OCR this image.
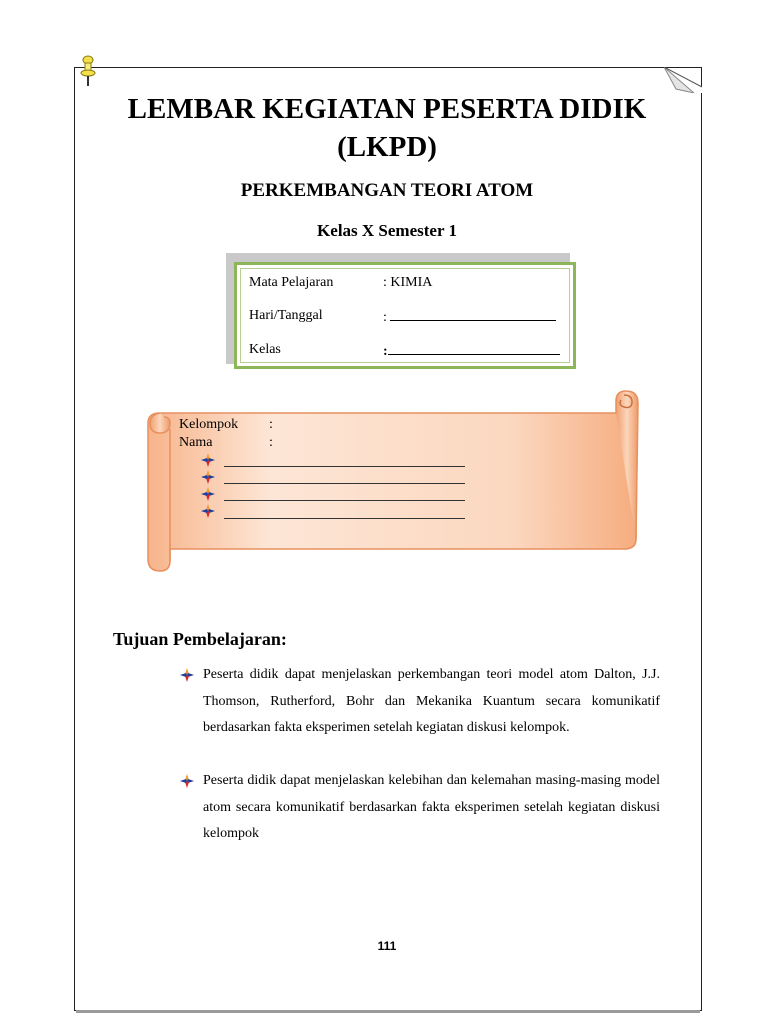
LEMBAR KEGIATAN PESERTA DIDIK
(LKPD)
PERKEMBANGAN TEORI ATOM
Kelas X Semester 1
Mata Pelajaran	: KIMIA
Hari/Tanggal	:
Kelas	:
Kelompok :
Nama	:
Tujuan Pembelajaran:
Peserta didik dapat menjelaskan perkembangan teori model atom Dalton, J.J. Thomson, Rutherford, Bohr dan Mekanika Kuantum secara komunikatif berdasarkan fakta eksperimen setelah kegiatan diskusi kelompok.
Peserta didik dapat menjelaskan kelebihan dan kelemahan masing-masing model atom secara komunikatif berdasarkan fakta eksperimen setelah kegiatan diskusi kelompok
111
